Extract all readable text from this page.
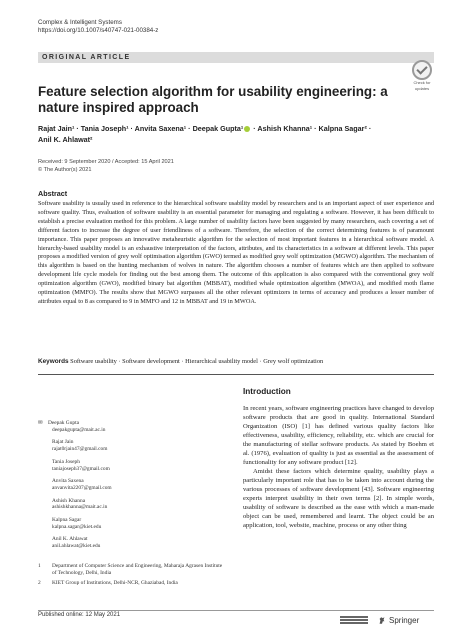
Complex & Intelligent Systems
https://doi.org/10.1007/s40747-021-00384-z
ORIGINAL ARTICLE
Check for
updates
Feature selection algorithm for usability engineering: a nature inspired approach
Rajat Jain¹ · Tania Joseph¹ · Anvita Saxena¹ · Deepak Gupta¹ · Ashish Khanna¹ · Kalpna Sagar² ·
Anil K. Ahlawat²
Received: 9 September 2020 / Accepted: 15 April 2021
© The Author(s) 2021
Abstract
Software usability is usually used in reference to the hierarchical software usability model by researchers and is an important aspect of user experience and software quality. Thus, evaluation of software usability is an essential parameter for managing and regulating a software. However, it has been difficult to establish a precise evaluation method for this problem. A large number of usability factors have been suggested by many researchers, each covering a set of different factors to increase the degree of user friendliness of a software. Therefore, the selection of the correct determining features is of paramount importance. This paper proposes an innovative metaheuristic algorithm for the selection of most important features in a hierarchical software model. A hierarchy-based usability model is an exhaustive interpretation of the factors, attributes, and its characteristics in a software at different levels. This paper proposes a modified version of grey wolf optimisation algorithm (GWO) termed as modified grey wolf optimization (MGWO) algorithm. The mechanism of this algorithm is based on the hunting mechanism of wolves in nature. The algorithm chooses a number of features which are then applied to software development life cycle models for finding out the best among them. The outcome of this application is also compared with the conventional grey wolf optimization algorithm (GWO), modified binary bat algorithm (MBBAT), modified whale optimization algorithm (MWOA), and modified moth flame optimization (MMFO). The results show that MGWO surpasses all the other relevant optimizers in terms of accuracy and produces a lesser number of attributes equal to 8 as compared to 9 in MMFO and 12 in MBBAT and 19 in MWOA.
Keywords Software usability · Software development · Hierarchical usability model · Grey wolf optimization
✉ Deepak Gupta
deepakgupta@mait.ac.in
Rajat Jain
rajat0rjain47@gmail.com
Tania Joseph
taniajoseph37@gmail.com
Anvita Saxena
anvanvita2207@gmail.com
Ashish Khanna
ashishkhanna@mait.ac.in
Kalpna Sagar
kalpna.sagar@kiet.edu
Anil K. Ahlawat
anil.ahlawat@kiet.edu
1	Department of Computer Science and Engineering, Maharaja Agrasen Institute of Technology, Delhi, India
2	KIET Group of Institutions, Delhi-NCR, Ghaziabad, India
Introduction

In recent years, software engineering practices have changed to develop software products that are good in quality. International Standard Organization (ISO) [1] has defined various quality factors like effectiveness, usability, efficiency, reliability, etc. which are crucial for the manufacturing of stellar software products. As stated by Boehm et al. (1976), evaluation of quality is just as essential as the assessment of functionality for any software product [12].

Amidst these factors which determine quality, usability plays a particularly important role that has to be taken into account during the various processes of software development [43]. Software engineering experts interpret usability in their own terms [2]. In simple words, usability of software is described as the ease with which a man-made object can be used, remembered and learnt. The object could be an application, tool, website, machine, process or any other thing

Published online: 12 May 2021
Springer
